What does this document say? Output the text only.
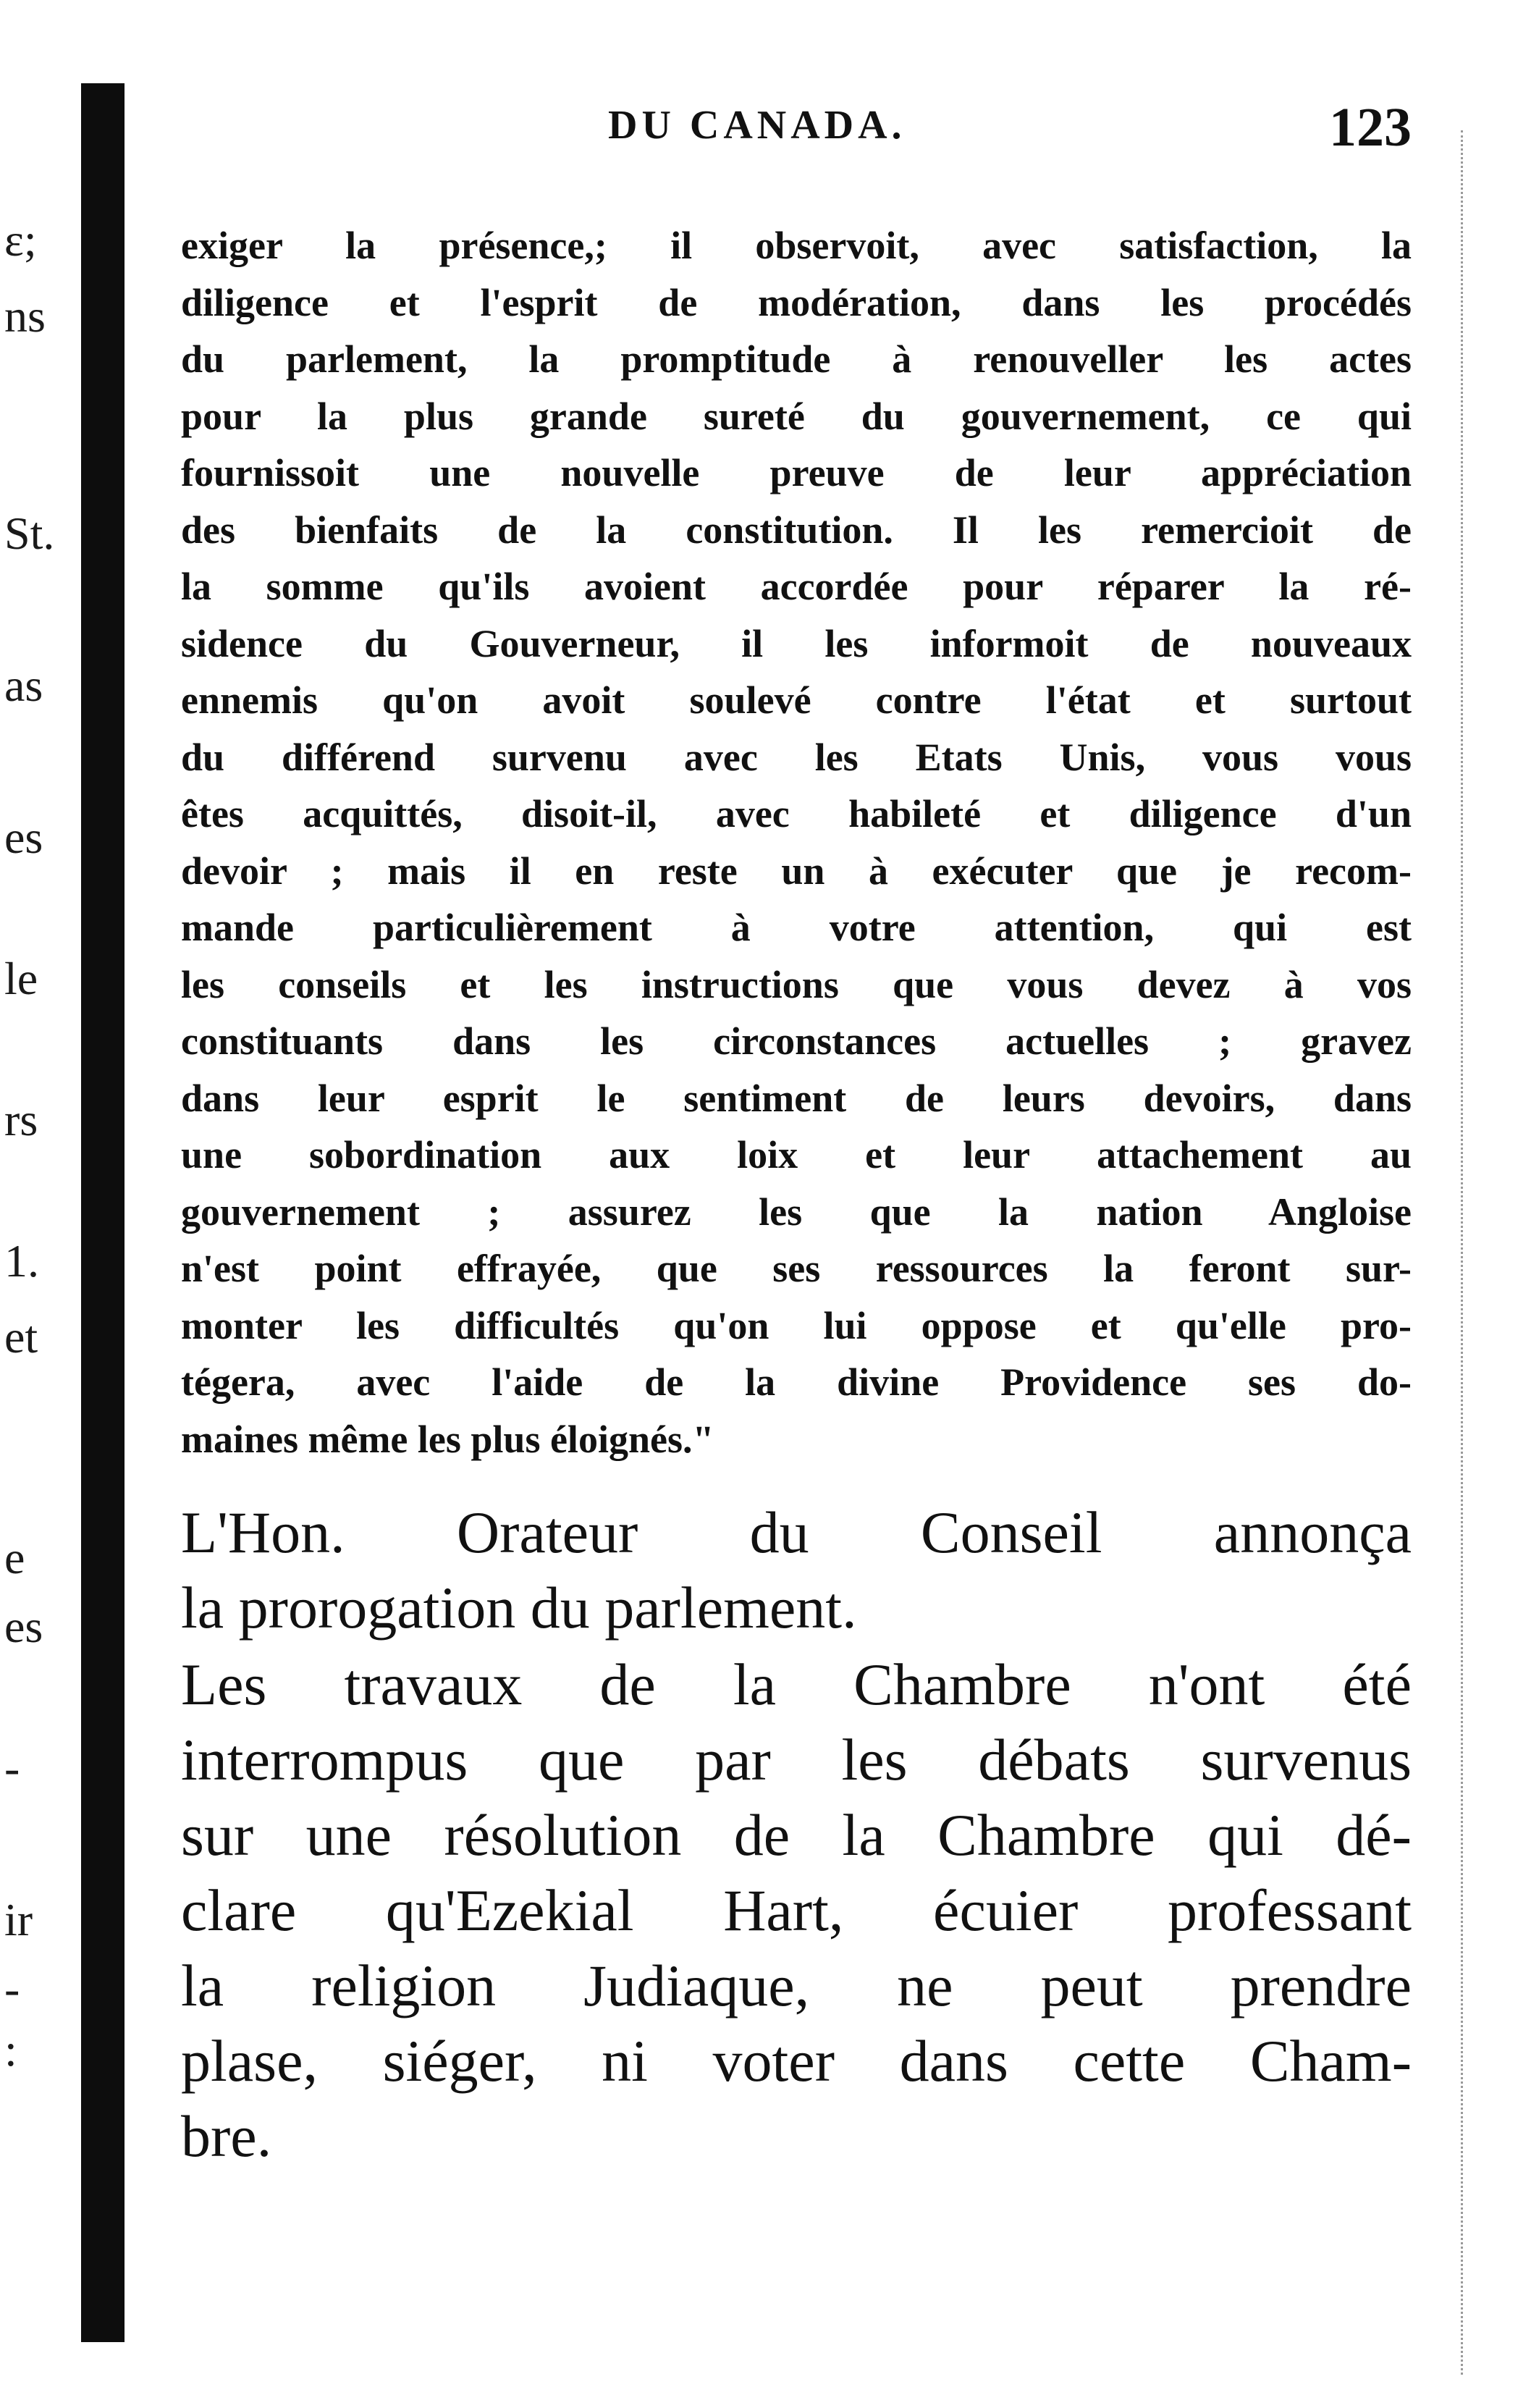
ɛ;
ns
St.
as
es
le
rs
1.
et
e
es
-
ir
-
:
DU CANADA.	123
exiger la présence,; il observoit, avec satisfaction, la
diligence et l'esprit de modération, dans les procédés
du parlement, la promptitude à renouveller les actes
pour la plus grande sureté du gouvernement, ce qui
fournissoit une nouvelle preuve de leur appréciation
des bienfaits de la constitution. Il les remercioit de
la somme qu'ils avoient accordée pour réparer la ré-
sidence du Gouverneur, il les informoit de nouveaux
ennemis qu'on avoit soulevé contre l'état et surtout
du différend survenu avec les Etats Unis, vous vous
êtes acquittés, disoit-il, avec habileté et diligence d'un
devoir ; mais il en reste un à exécuter que je recom-
mande particulièrement à votre attention, qui est
les conseils et les instructions que vous devez à vos
constituants dans les circonstances actuelles ; gravez
dans leur esprit le sentiment de leurs devoirs, dans
une sobordination aux loix et leur attachement au
gouvernement ; assurez les que la nation Angloise
n'est point effrayée, que ses ressources la feront sur-
monter les difficultés qu'on lui oppose et qu'elle pro-
tégera, avec l'aide de la divine Providence ses do-
maines même les plus éloignés."
L'Hon. Orateur du Conseil annonça
la prorogation du parlement.
Les travaux de la Chambre n'ont été
interrompus que par les débats survenus
sur une résolution de la Chambre qui dé-
clare qu'Ezekial Hart, écuier professant
la religion Judiaque, ne peut prendre
plase, siéger, ni voter dans cette Cham-
bre.
